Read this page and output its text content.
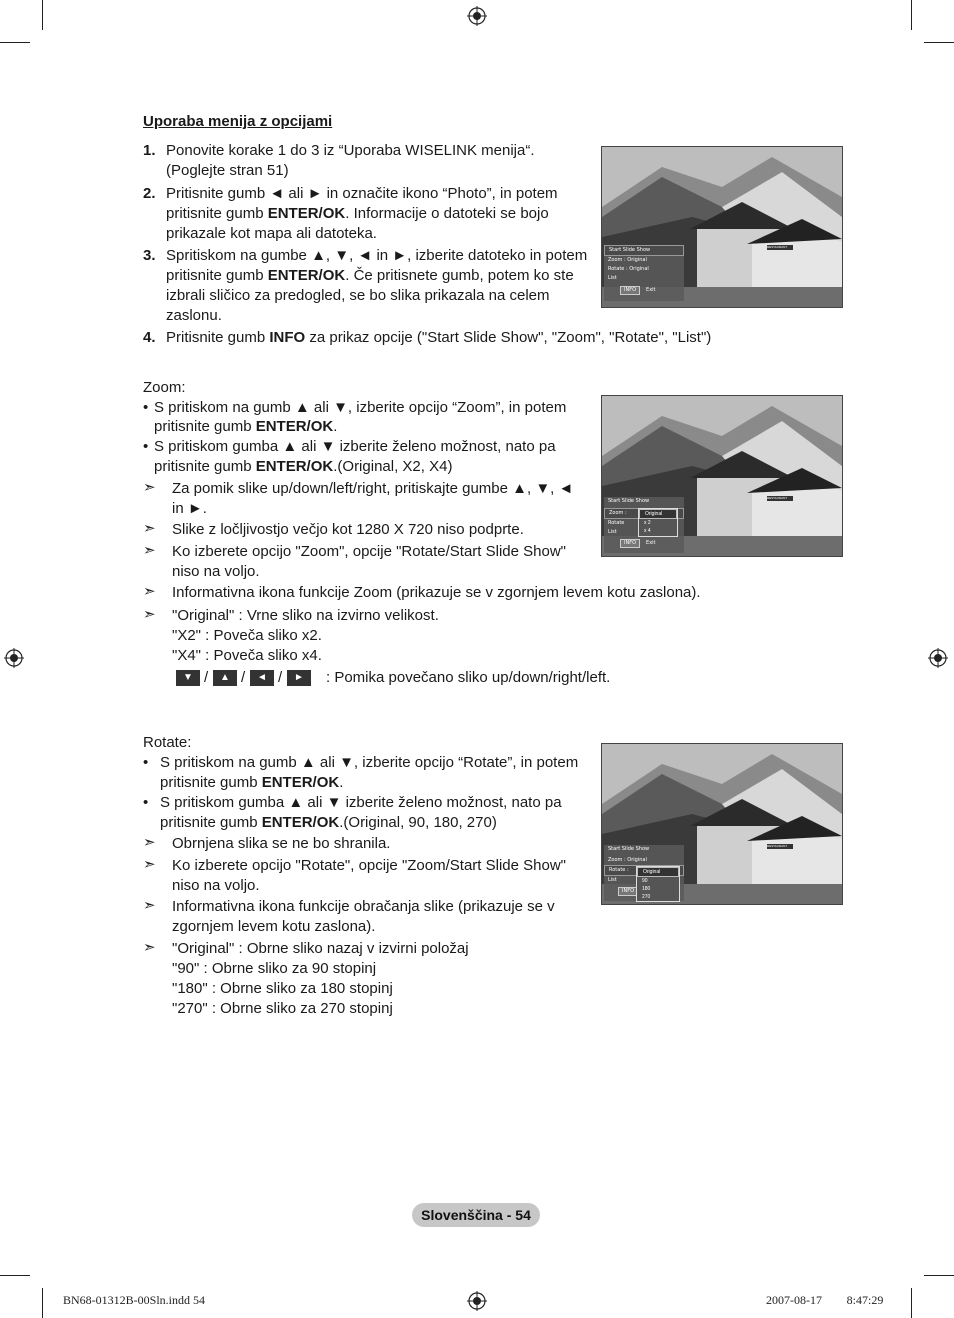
Uporaba menija z opcijami
1. Ponovite korake 1 do 3 iz “Uporaba WISELINK menija“.
(Poglejte stran 51)
2. Pritisnite gumb ◄ ali ► in označite ikono “Photo”, in potem
pritisnite gumb ENTER/OK. Informacije o datoteki se bojo
prikazale kot mapa ali datoteka.
3. Spritiskom na gumbe ▲, ▼, ◄ in ►, izberite datoteko in potem
pritisnite gumb ENTER/OK. Če pritisnete gumb, potem ko ste
izbrali sličico za predogled, se bo slika prikazala na celem
zaslonu.
4. Pritisnite gumb INFO za prikaz opcije ("Start Slide Show", "Zoom", "Rotate", "List")
RESTAURANT
Start Slide Show
Zoom : Original
Rotate : Original
List
INFO Exit
Zoom:
• S pritiskom na gumb ▲ ali ▼, izberite opcijo “Zoom”, in potem
pritisnite gumb ENTER/OK.
• S pritiskom gumba ▲ ali ▼ izberite želeno možnost, nato pa
pritisnite gumb ENTER/OK.(Original, X2, X4)
➣ Za pomik slike up/down/left/right, pritiskajte gumbe ▲, ▼, ◄
in ►.
➣ Slike z ločljivostjo večjo kot 1280 X 720 niso podprte.
➣ Ko izberete opcijo "Zoom", opcije "Rotate/Start Slide Show"
niso na voljo.
➣ Informativna ikona funkcije Zoom (prikazuje se v zgornjem levem kotu zaslona).
➣ "Original" : Vrne sliko na izvirno velikost.
"X2" : Poveča sliko x2.
"X4" : Poveča sliko x4.
▼ /	▲ /	◄ /	►	: Pomika povečano sliko up/down/right/left.
RESTAURANT
Start Slide Show
Zoom :
Rotate
List
INFO Exit
Original
x 2
x 4
Rotate:
• S pritiskom na gumb ▲ ali ▼, izberite opcijo “Rotate”, in potem
pritisnite gumb ENTER/OK.
• S pritiskom gumba ▲ ali ▼ izberite želeno možnost, nato pa
pritisnite gumb ENTER/OK.(Original, 90, 180, 270)
➣ Obrnjena slika se ne bo shranila.
➣ Ko izberete opcijo "Rotate", opcije "Zoom/Start Slide Show"
niso na voljo.
➣ Informativna ikona funkcije obračanja slike (prikazuje se v
zgornjem levem kotu zaslona).
➣ "Original" : Obrne sliko nazaj v izvirni položaj
"90" : Obrne sliko za 90 stopinj
"180" : Obrne sliko za 180 stopinj
"270" : Obrne sliko za 270 stopinj
RESTAURANT
Start Slide Show
Zoom : Original
Rotate :
List
INFO
Original
90
180
270
Slovenščina - 54
BN68-01312B-00Sln.indd 54	2007-08-17 ￿￿ 8:47:29
